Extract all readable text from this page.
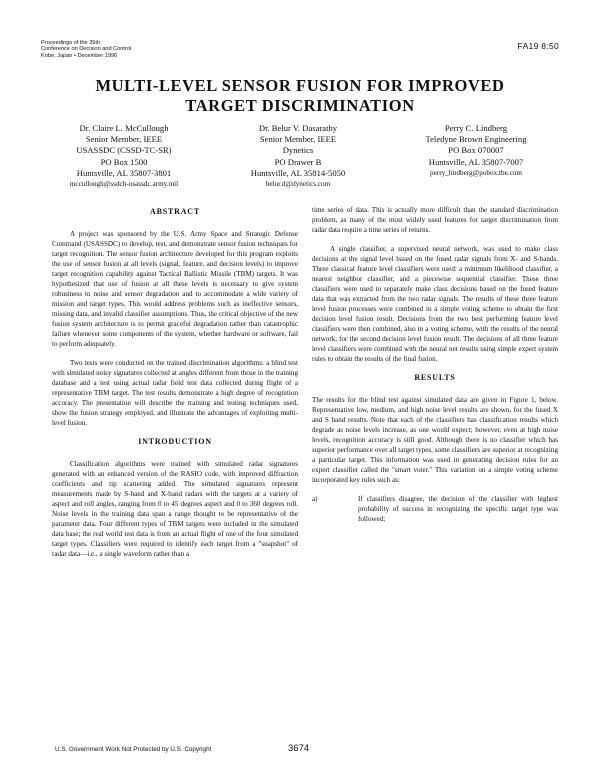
Proceedings of the 35th
Conference on Decision and Control
Kobe, Japan • December 1996
FA19 8:50
MULTI-LEVEL SENSOR FUSION FOR IMPROVED
TARGET DISCRIMINATION
Dr. Claire L. McCullough
Senior Member, IEEE
USASSDC (CSSD-TC-SR)
PO Box 1500
Huntsville, AL 35807-3801
mccullough@ssdch-usassdc.army.mil
Dr. Belur V. Dasarathy
Senior Member, IEEE
Dynetics
PO Drawer B
Huntsville, AL 35814-5050
belur.d@dynetics.com
Perry C. Lindberg
Teledyne Brown Engineering
PO Box 070007
Huntsville, AL 35807-7007
perry_lindberg@pobox.tbe.com
ABSTRACT

A project was sponsored by the U.S. Army Space and Strategic Defense Command (USASSDC) to develop, test, and demonstrate sensor fusion techniques for target recognition. The sensor fusion architecture developed for this program exploits the use of sensor fusion at all levels (signal, feature, and decision levels) to improve target recognition capability against Tactical Ballistic Missile (TBM) targets. It was hypothesized that use of fusion at all these levels is necessary to give system robustness to noise and sensor degradation and to accommodate a wide variety of mission and target types. This would address problems such as ineffective sensors, missing data, and invalid classifier assumptions. Thus, the critical objective of the new fusion system architecture is to permit graceful degradation rather than catastrophic failure whenever some components of the system, whether hardware or software, fail to perform adequately.

Two tests were conducted on the trained discrimination algorithms: a blind test with simulated noisy signatures collected at angles different from those in the training database and a test using actual radar field test data collected during flight of a representative TBM target. The test results demonstrate a high degree of recognition accuracy. The presentation will describe the training and testing techniques used, show the fusion strategy employed, and illustrate the advantages of exploiting multi-level fusion.

INTRODUCTION

Classification algorithms were trained with simulated radar signatures generated with an enhanced version of the RASIO code, with improved diffraction coefficients and tip scattering added. The simulated signatures represent measurements made by S-band and X-band radars with the targets at a variety of aspect and roll angles, ranging from 0 to 45 degrees aspect and 0 to 360 degrees roll. Noise levels in the training data span a range thought to be representative of the parameter data. Four different types of TBM targets were included in the simulated data base; the real world test data is from an actual flight of one of the four simulated target types. Classifiers were required to identify each target from a "snapshot" of radar data—i.e., a single waveform rather than a

time series of data. This is actually more difficult than the standard discrimination problem, as many of the most widely used features for target discrimination from radar data require a time series of returns.

A single classifier, a supervised neural network, was used to make class decisions at the signal level based on the fused radar signals from X- and S-bands. Three classical feature level classifiers were used: a minimum likelihood classifier, a nearest neighbor classifier, and a piecewise sequential classifier. These three classifiers were used to separately make class decisions based on the fused feature data that was extracted from the two radar signals. The results of these three feature level fusion processes were combined in a simple voting scheme to obtain the first decision level fusion result. Decisions from the two best performing feature level classifiers were then combined, also in a voting scheme, with the results of the neural network, for the second decision level fusion result. The decisions of all three feature level classifiers were combined with the neural net results using simple expert system rules to obtain the results of the final fusion.

RESULTS

The results for the blind test against simulated data are given in Figure 1, below. Representative low, medium, and high noise level results are shown, for the fused X and S band results. Note that each of the classifiers has classification results which degrade as noise levels increase, as one would expect; however, even at high noise levels, recognition accuracy is still good. Although there is no classifier which has superior performance over all target types, some classifiers are superior at recognizing a particular target. This information was used in generating decision rules for an expert classifier called the "smart voter." This variation on a simple voting scheme incorporated key rules such as:

a)	If classifiers disagree, the decision of the classifier with highest probability of success in recognizing the specific target type was followed;
U.S. Government Work Not Protected by U.S. Copyright	3674
